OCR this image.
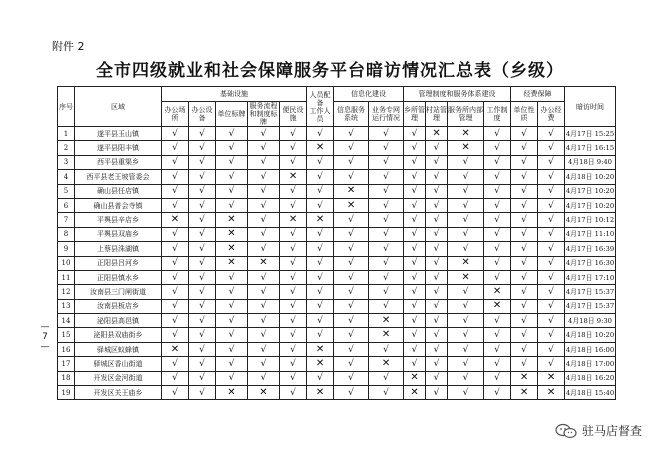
附件 2
全市四级就业和社会保障服务平台暗访情况汇总表（乡级）
— 7 —
序号	区域	基础设施					人员配备
工作人员	信息化建设		管理制度和服务体系建设				经费保障		暗访时间
		办公场所	办公设备	单位标牌	服务流程和制度标牌	便民设施		信息服务系统	业务专网运行情况	乡所管理	村站管理	服务所内部管理	工作制度	单位性质	办公经费	
1	遂平县玉山镇	√	√	√	√	√	√	√	√	√	✕	✕	√	√	√	4月17日 15:25
2	遂平县阳丰镇	√	√	√	√	√	✕	√	√	√	√	✕	√	√	√	4月17日 16:15
3	西平县重渠乡	√	√	√	√	√	√	√	√	√	√	√	√	√	√	4月18日 9:40
4	西平县老王坡管委会	√	√	√	√	✕	√	√	√	√	√	√	√	√	√	4月18日 10:20
5	确山县任店镇	√	√	√	√	√	√	✕	√	√	√	√	√	√	√	4月17日 10:20
6	确山县普会寺镇	√	√	√	√	√	√	✕	√	√	√	√	√	√	√	4月17日 10:20
7	平舆县辛店乡	✕	√	✕	√	✕	✕	√	√	√	√	√	√	√	√	4月17日 10:12
8	平舆县双庙乡	√	√	✕	√	√	√	√	√	√	√	√	√	√	√	4月17日 11:10
9	上蔡县洙湖镇	√	√	✕	√	√	√	√	√	√	√	√	√	√	√	4月17日 16:39
10	正阳县吕河乡	√	√	✕	✕	√	√	√	√	√	√	✕	√	√	√	4月17日 16:30
11	正阳县慎水乡	√	√	√	√	√	√	√	√	√	√	✕	√	√	√	4月17日 17:10
12	汝南县三门闸街道	√	√	√	√	√	√	√	√	√	√	√	✕	√	√	4月17日 15:37
13	汝南县板店乡	√	√	√	√	√	√	√	√	√	√	√	✕	√	√	4月17日 15:37
14	泌阳县高邑镇	√	√	√	√	√	√	√	✕	√	√	√	√	√	√	4月18日 9:30
15	泌阳县双庙街乡	√	√	√	√	√	√	√	✕	√	√	√	√	√	√	4月18日 10:20
16	驿城区蚁蜂镇	✕	√	√	√	√	✕	√	√	√	√	√	√	√	√	4月18日 16:00
17	驿城区香山街道	√	√	√	√	√	✕	√	✕	√	√	√	√	√	√	4月18日 17:00
18	开发区金河街道	√	√	√	√	√	√	√	√	✕	√	√	√	✕	✕	4月18日 16:20
19	开发区关王庙乡	√	√	✕	✕	√	✕	√	√	✕	√	√	√	✕	✕	4月18日 15:40
驻马店督查
